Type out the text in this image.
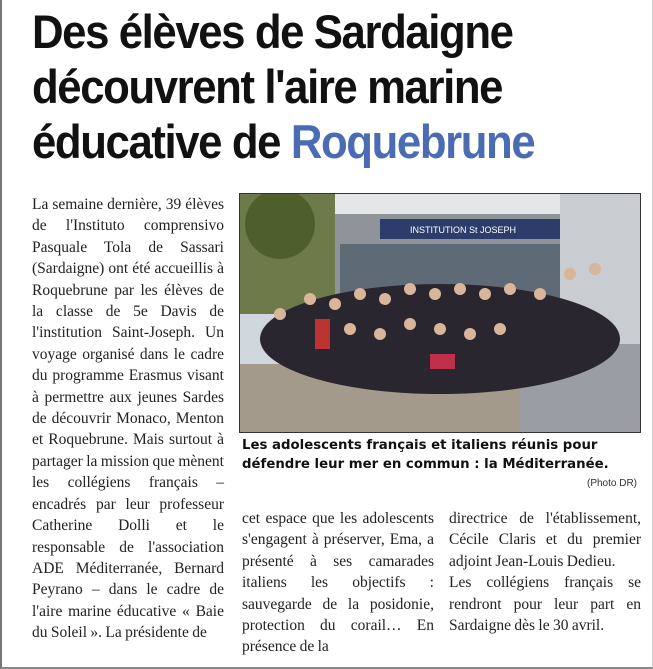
Des élèves de Sardaigne
découvrent l'aire marine
éducative de Roquebrune

La semaine dernière, 39 élèves de l'Instituto comprensivo Pasquale Tola de Sassari (Sardaigne) ont été accueillis à Roquebrune par les élèves de la classe de 5e Davis de l'institution Saint-Joseph. Un voyage organisé dans le cadre du programme Erasmus visant à permettre aux jeunes Sardes de découvrir Monaco, Menton et Roquebrune. Mais surtout à partager la mission que mènent les collégiens français – encadrés par leur professeur Catherine Dolli et le responsable de l'association ADE Méditerranée, Bernard Peyrano – dans le cadre de l'aire marine éducative « Baie du Soleil ». La présidente de

INSTITUTION St JOSEPH
Les adolescents français et italiens réunis pour défendre leur mer en commun : la Méditerranée.
(Photo DR)

cet espace que les adolescents s'engagent à préserver, Ema, a présenté à ses camarades italiens les objectifs : sauvegarde de la posidonie, protection du corail… En présence de la

directrice de l'établissement, Cécile Claris et du premier adjoint Jean-Louis Dedieu.

Les collégiens français se rendront pour leur part en Sardaigne dès le 30 avril.
